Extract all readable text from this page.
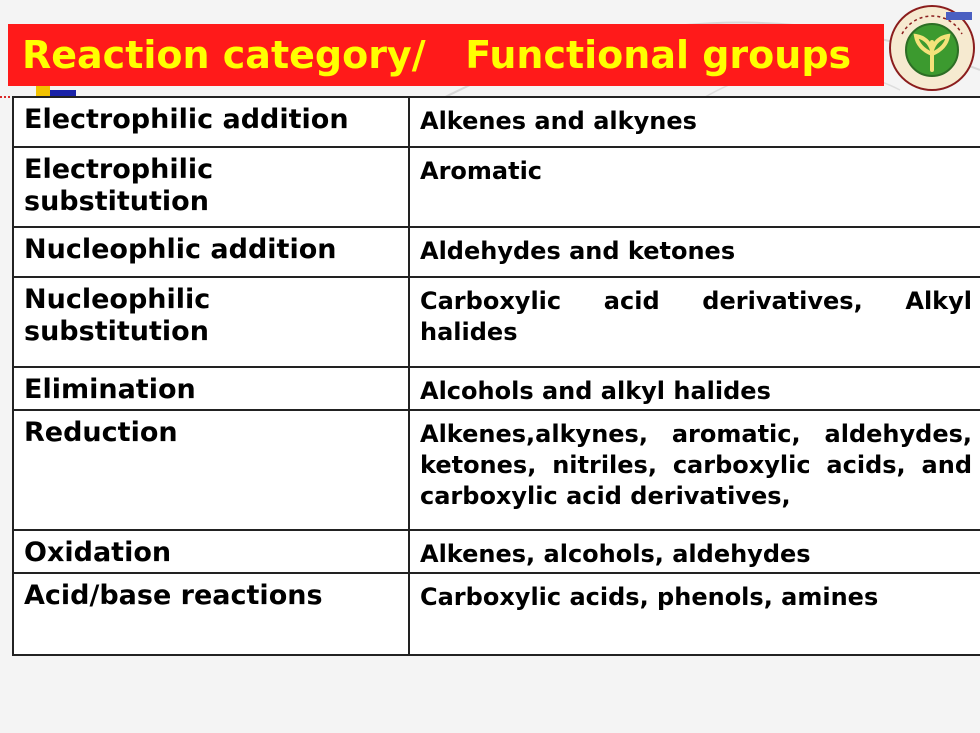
Reaction category/   Functional groups
Electrophilic addition	Alkenes and alkynes
Electrophilic substitution	Aromatic
Nucleophlic addition	Aldehydes and ketones
Nucleophilic substitution	Carboxylic acid derivatives, Alkyl halides
Elimination	Alcohols and alkyl halides
Reduction	Alkenes,alkynes, aromatic, aldehydes, ketones, nitriles, carboxylic acids, and carboxylic acid derivatives,
Oxidation	Alkenes, alcohols, aldehydes
Acid/base reactions	Carboxylic acids, phenols, amines
